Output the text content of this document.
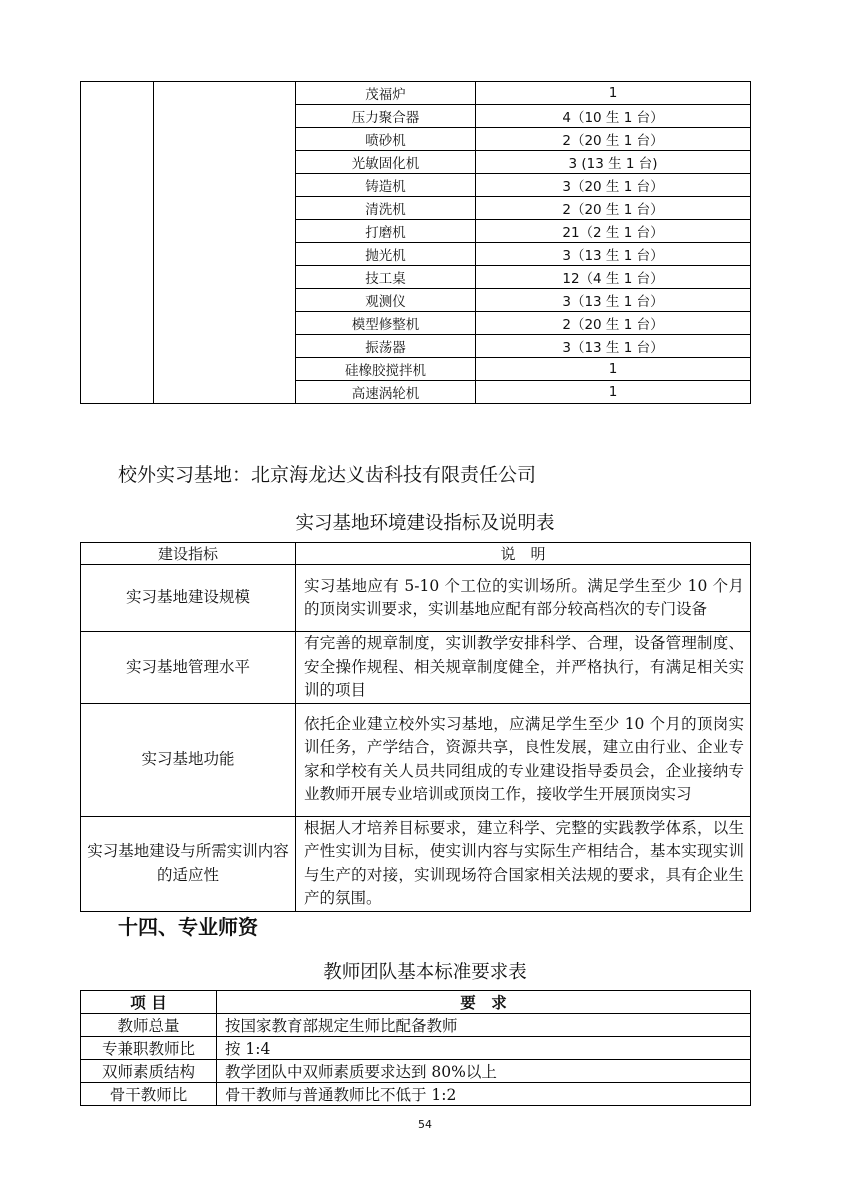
		茂福炉	1
		压力聚合器	4（10 生 1 台）
		喷砂机	2（20 生 1 台）
		光敏固化机	3 (13 生 1 台)
		铸造机	3（20 生 1 台）
		清洗机	2（20 生 1 台）
		打磨机	21（2 生 1 台）
		抛光机	3（13 生 1 台）
		技工桌	12（4 生 1 台）
		观测仪	3（13 生 1 台）
		模型修整机	2（20 生 1 台）
		振荡器	3（13 生 1 台）
		硅橡胶搅拌机	1
		高速涡轮机	1
校外实习基地：北京海龙达义齿科技有限责任公司
实习基地环境建设指标及说明表
建设指标	说　明
实习基地建设规模	实习基地应有 5-10 个工位的实训场所。满足学生至少 10 个月的顶岗实训要求，实训基地应配有部分较高档次的专门设备
实习基地管理水平	有完善的规章制度，实训教学安排科学、合理，设备管理制度、安全操作规程、相关规章制度健全，并严格执行，有满足相关实训的项目
实习基地功能	依托企业建立校外实习基地，应满足学生至少 10 个月的顶岗实训任务，产学结合，资源共享，良性发展，建立由行业、企业专家和学校有关人员共同组成的专业建设指导委员会，企业接纳专业教师开展专业培训或顶岗工作，接收学生开展顶岗实习
实习基地建设与所需实训内容的适应性	根据人才培养目标要求，建立科学、完整的实践教学体系，以生产性实训为目标，使实训内容与实际生产相结合，基本实现实训与生产的对接，实训现场符合国家相关法规的要求，具有企业生产的氛围。
十四、专业师资
教师团队基本标准要求表
项 目	要　求
教师总量	按国家教育部规定生师比配备教师
专兼职教师比	按 1:4
双师素质结构	教学团队中双师素质要求达到 80%以上
骨干教师比	骨干教师与普通教师比不低于 1:2
54
